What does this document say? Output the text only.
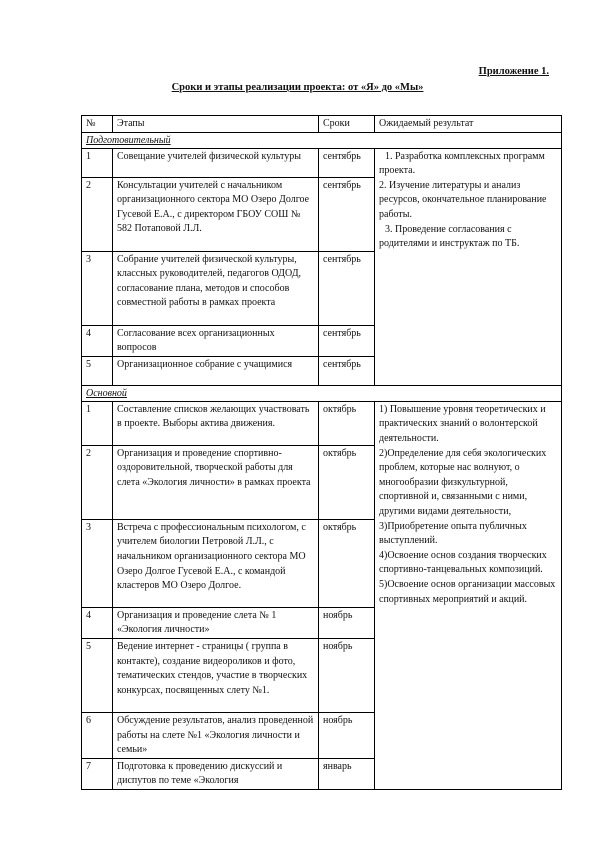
Приложение 1.
Сроки и этапы реализации проекта: от «Я» до «Мы»
№	Этапы	Сроки	Ожидаемый результат
Подготовительный			
1	Совещание учителей физической культуры	сентябрь	1. Разработка комплексных программ проекта.

2. Изучение литературы и анализ ресурсов, окончательное планирование работы.

3. Проведение согласования с родителями и инструктаж по ТБ.

2	Консультации учителей с начальником организационного сектора МО Озеро Долгое Гусевой Е.А., с директором ГБОУ СОШ № 582 Потаповой Л.Л.	сентябрь	
3	Собрание учителей физической культуры, классных руководителей, педагогов ОДОД, согласование плана, методов и способов совместной работы в рамках проекта	сентябрь	
4	Согласование всех организационных вопросов	сентябрь	
5	Организационное собрание с учащимися	сентябрь	
Основной			
1	Составление списков желающих участвовать в проекте. Выборы актива движения.	октябрь	1) Повышение уровня теоретических и практических знаний о волонтерской деятельности.

2)Определение для себя экологических проблем, которые нас волнуют, о многообразии физкультурной, спортивной и, связанными с ними, другими видами деятельности,

3)Приобретение опыта публичных выступлений.

4)Освоение основ создания творческих спортивно-танцевальных композиций.

5)Освоение основ организации массовых спортивных мероприятий и акций.

2	Организация и проведение спортивно-оздоровительной, творческой работы для слета «Экология личности» в рамках проекта	октябрь	
3	Встреча с профессиональным психологом, с учителем биологии Петровой Л.Л., с начальником организационного сектора МО Озеро Долгое Гусевой Е.А., с командой кластеров МО Озеро Долгое.	октябрь	
4	Организация и проведение слета № 1 «Экология личности»	ноябрь	
5	Ведение интернет - страницы ( группа в контакте), создание видеороликов и фото, тематических стендов, участие в творческих конкурсах, посвященных слету №1.	ноябрь	
6	Обсуждение результатов, анализ проведенной работы на слете №1 «Экология личности и семьи»	ноябрь	
7	Подготовка к проведению дискуссий и диспутов по теме «Экология	январь	
